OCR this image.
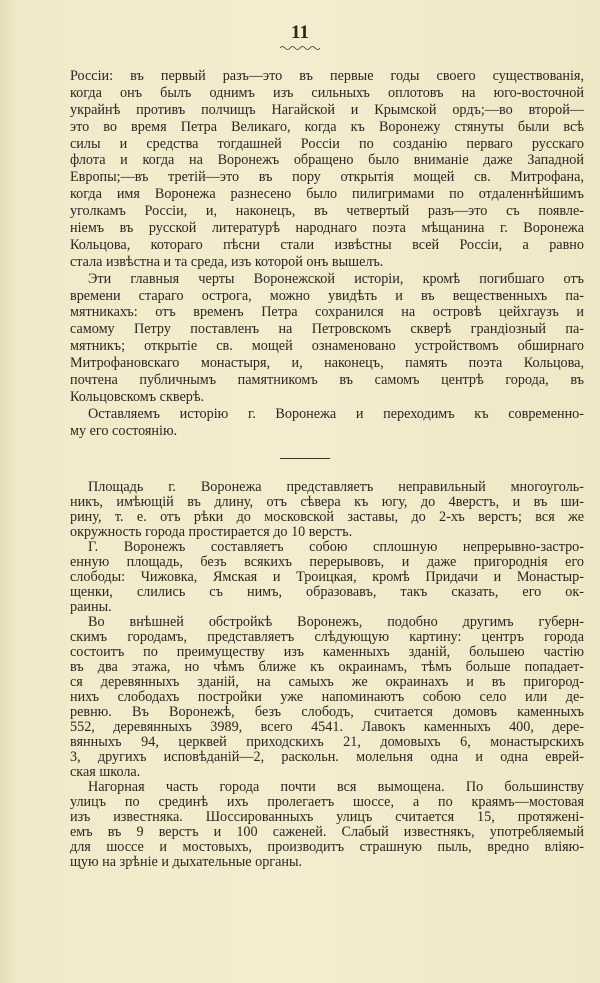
11
Россіи: въ первый разъ—это въ первые годы своего существованія,
когда онъ былъ однимъ изъ сильныхъ оплотовъ на юго-восточной
украйнѣ противъ полчищъ Нагайской и Крымской ордъ;—во второй—
это во время Петра Великаго, когда къ Воронежу стянуты были всѣ
силы и средства тогдашней Россіи по созданію перваго русскаго
флота и когда на Воронежъ обращено было вниманіе даже Западной
Европы;—въ третій—это въ пору открытія мощей св. Митрофана,
когда имя Воронежа разнесено было пилигримами по отдаленнѣйшимъ
уголкамъ Россіи, и, наконецъ, въ четвертый разъ—это съ появле-
ніемъ въ русской литературѣ народнаго поэта мѣщанина г. Воронежа
Кольцова, котораго пѣсни стали извѣстны всей Россіи, а равно
стала извѣстна и та среда, изъ которой онъ вышелъ.
Эти главныя черты Воронежской исторіи, кромѣ погибшаго отъ
времени стараго острога, можно увидѣть и въ вещественныхъ па-
мятникахъ: отъ временъ Петра сохранился на островѣ цейхгаузъ и
самому Петру поставленъ на Петровскомъ скверѣ грандіозный па-
мятникъ; открытіе св. мощей ознаменовано устройствомъ обширнаго
Митрофановскаго монастыря, и, наконецъ, память поэта Кольцова,
почтена публичнымъ памятникомъ въ самомъ центрѣ города, въ
Кольцовскомъ скверѣ.
Оставляемъ исторію г. Воронежа и переходимъ къ современно-
му его состоянію.
Площадь г. Воронежа представляетъ неправильный многоуголь-
никъ, имѣющій въ длину, отъ сѣвера къ югу, до 4верстъ, и въ ши-
рину, т. е. отъ рѣки до московской заставы, до 2-хъ верстъ; вся же
окружность города простирается до 10 верстъ.
Г. Воронежъ составляетъ собою сплошную непрерывно-застро-
енную площадь, безъ всякихъ перерывовъ, и даже пригороднія его
слободы: Чижовка, Ямская и Троицкая, кромѣ Придачи и Монастыр-
щенки, слились съ нимъ, образовавъ, такъ сказать, его ок-
раины.
Во внѣшней обстройкѣ Воронежъ, подобно другимъ губерн-
скимъ городамъ, представляетъ слѣдующую картину: центръ города
состоитъ по преимуществу изъ каменныхъ зданій, большею частію
въ два этажа, но чѣмъ ближе къ окраинамъ, тѣмъ больше попадает-
ся деревянныхъ зданій, на самыхъ же окраинахъ и въ пригород-
нихъ слободахъ постройки уже напоминаютъ собою село или де-
ревню. Въ Воронежѣ, безъ слободъ, считается домовъ каменныхъ
552, деревянныхъ 3989, всего 4541. Лавокъ каменныхъ 400, дере-
вянныхъ 94, церквей приходскихъ 21, домовыхъ 6, монастырскихъ
3, другихъ исповѣданій—2, раскольн. молельня одна и одна еврей-
ская школа.
Нагорная часть города почти вся вымощена. По большинству
улицъ по срединѣ ихъ пролегаетъ шоссе, а по краямъ—мостовая
изъ известняка. Шоссированныхъ улицъ считается 15, протяженi-
емъ въ 9 верстъ и 100 саженей. Слабый известнякъ, употребляемый
для шоссе и мостовыхъ, производитъ страшную пыль, вредно вліяю-
щую на зрѣніе и дыхательные органы.
